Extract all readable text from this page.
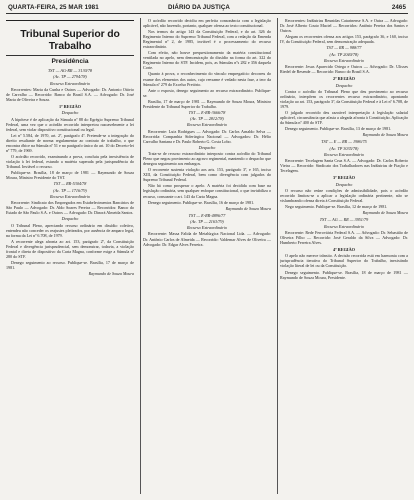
QUARTA-FEIRA, 25 MAR 1981	DIÁRIO DA JUSTIÇA	2465
Tribunal Superior do Trabalho
Presidência
TST — AG-RR — 3130/78
(Ac. TP — 2794/78)
Recurso Extraordinário

Recorrentes: Maria da Cunha e Outros — Advogado: Dr. Antonio Otávio de Carvalho — Recorrido: Banco do Brasil S.A. — Advogado: Dr. José Maria de Oliveira e Souza.

1º REGIÃO
Despacho

A hipótese é de aplicação da Súmula nº 88 do Egrégio Supremo Tribunal Federal, uma vez que o acórdão recorrido interpretou razoavelmente a lei federal, sem violar dispositivo constitucional ou legal.

Lei nº 5.584, de 1970, art. 2º, parágrafo 4º. Pretende-se a integração do direito resultante de norma regulamentar ao contrato de trabalho, o que encontra óbice na Súmula nº 51 e no parágrafo único do art. 10 do Decreto-lei nº 779, de 1969.

O acórdão recorrido, examinando a prova, concluiu pela inexistência de violação à lei federal, estando a matéria superada pela jurisprudência do Tribunal. Inviável o recurso.

Publique-se. Brasília, 18 de março de 1981 — Raymundo de Souza Moura, Ministro Presidente do TST.

TST — RR-5304/78
(Ac. TP — 1716/79)
Recurso Extraordinário

Recorrente: Sindicato dos Empregados em Estabelecimentos Bancários de São Paulo — Advogado: Dr. Aldo Soares Pereira — Recorridos: Banco do Estado de São Paulo S.A. e Outros — Advogado: Dr. Dinorá Almeida Santos.

Despacho

O Tribunal Pleno, apreciando recurso ordinário em dissídio coletivo, entendeu não conceder os reajustes pleiteados, por ausência de amparo legal, na forma da Lei nº 6.708, de 1979.

A recorrente alega afronta ao art. 153, parágrafo 2º, da Constituição Federal e divergência jurisprudencial, sem demonstrar, todavia, a violação frontal e direta de dispositivo da Carta Magna, conforme exige a Súmula nº 280 do STF.

Denego seguimento ao recurso. Publique-se. Brasília, 17 de março de 1981.

Raymundo de Souza Moura

O acórdão recorrido decidiu em perfeita consonância com a legislação aplicável, não havendo, portanto, qualquer ofensa ao texto constitucional.

Nos termos do artigo 143 da Constituição Federal, e do art. 326 do Regimento Interno do Supremo Tribunal Federal, com a redação da Emenda Regimental nº 2, de 1985, inviável é o processamento do recurso extraordinário.

Com efeito, não houve prequestionamento da matéria constitucional ventilada no apelo, nem demonstração do dissídio na forma do art. 322 do Regimento Interno do STF. Incidem, pois, as Súmulas nºs 282 e 356 daquela Corte.

Quanto à prova, o reconhecimento do vínculo empregatício decorreu do exame dos elementos dos autos, cujo reexame é vedado nesta fase, a teor da Súmula nº 279 do Excelso Pretório.

Ante o exposto, denego seguimento ao recurso extraordinário. Publique-se.

Brasília, 17 de março de 1981 — Raymundo de Souza Moura, Ministro Presidente do Tribunal Superior do Trabalho.

TST — E-RR-3666/78
(Ac. TP — 2812/78)
Recurso Extraordinário

Recorrente: Luiz Rodrigues — Advogado: Dr. Carlos Arnaldo Selva — Recorrida: Companhia Siderúrgica Nacional — Advogados: Dr. Hélio Carvalho Santana e Dr. Paulo Roberto G. Costa Lobo.

Despacho

Trata-se de recurso extraordinário interposto contra acórdão do Tribunal Pleno que negou provimento ao agravo regimental, mantendo o despacho que denegou seguimento aos embargos.

O recorrente sustenta violação aos arts. 153, parágrafo 3º, e 165, inciso XIII, da Constituição Federal, bem como divergência com julgados do Supremo Tribunal Federal.

Não há como prosperar o apelo. A matéria foi decidida com base na legislação ordinária, sem qualquer enfoque constitucional, o que inviabiliza o recurso, consoante o art. 143 da Carta Magna.

Denego seguimento. Publique-se. Brasília, 16 de março de 1981.

Raymundo de Souza Moura
TST — E-RR-4896/77
(Ac. TP — 2163/79)
Recurso Extraordinário

Recorrente: Massa Falida de Metalúrgica Nacional Ltda. — Advogado: Dr. Antônio Carlos de Almeida — Recorrido: Valdemar Alves de Oliveira — Advogado: Dr. Edgar Alves Ferreira.

Recorrentes: Indústrias Reunidas Catarinense S.A. e Outra — Advogado: Dr. José Alberto Couto Maciel — Recorridos: Antônio Pereira dos Santos e Outros.

Alegam os recorrentes ofensa aos artigos 153, parágrafo 36, e 160, inciso IV, da Constituição Federal, sem demonstração adequada.

TST — RR — 988/77
(Ac. TP 2040/78)
Recurso Extraordinário

Recorrente: Jesus Aparecido Ortega e Outros — Advogado: Dr. Ulisses Riedel de Resende — Recorrido: Banco do Brasil S.A.

2º REGIÃO
Despacho

Contra o acórdão do Tribunal Pleno que deu provimento ao recurso ordinário, interpõem os recorrentes recurso extraordinário, apontando violação ao art. 153, parágrafo 3º, da Constituição Federal e à Lei nº 6.708, de 1979.

O julgado recorrido deu razoável interpretação à legislação salarial aplicável, circunstância que afasta a alegada afronta à Constituição. Aplicação da Súmula nº 400 do STF.

Denego seguimento. Publique-se. Brasília, 13 de março de 1981.

Raymundo de Souza Moura
TST — E — RR — 1986/75
(Ac. TP 3035/78)
Recurso Extraordinário

Recorrente: Tecelagem Santa Cruz S.A. — Advogado: Dr. Carlos Roberto Vieira — Recorrido: Sindicato dos Trabalhadores nas Indústrias de Fiação e Tecelagem.

3º REGIÃO
Despacho

O recurso não reúne condições de admissibilidade, pois o acórdão recorrido limitou-se a aplicar a legislação ordinária pertinente, não se vislumbrando ofensa direta à Constituição Federal.

Nego seguimento. Publique-se. Brasília, 12 de março de 1981.

Raymundo de Souza Moura
TST — AG — RR — 3951/79
Recurso Extraordinário

Recorrente: Rede Ferroviária Federal S.A. — Advogado: Dr. Sebastião de Oliveira Filho — Recorrido: José Geraldo da Silva — Advogado: Dr. Humberto Ferreira Alves.

4º REGIÃO

O apelo não merece trânsito. A decisão recorrida está em harmonia com a jurisprudência iterativa do Tribunal Superior do Trabalho, inexistindo violação literal de lei ou da Constituição.

Denego seguimento. Publique-se. Brasília, 18 de março de 1981 — Raymundo de Souza Moura, Presidente.
